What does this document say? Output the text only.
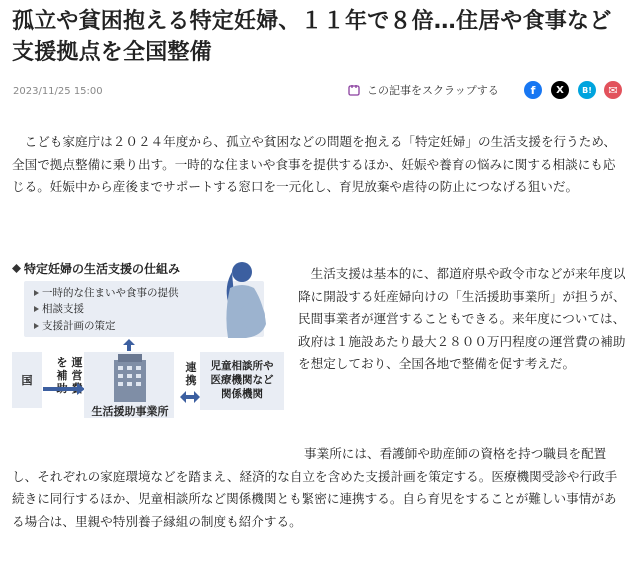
孤立や貧困抱える特定妊婦、１１年で８倍…住居や食事など支援拠点を全国整備
2023/11/25 15:00	この記事をスクラップする	f	X	B!	✉

こども家庭庁は２０２４年度から、孤立や貧困などの問題を抱える「特定妊婦」の生活支援を行うため、全国で拠点整備に乗り出す。一時的な住まいや食事を提供するほか、妊娠や養育の悩みに関する相談にも応じる。妊娠中から産後までサポートする窓口を一元化し、育児放棄や虐待の防止につなげる狙いだ。

特定妊婦の生活支援の仕組み
一時的な住まいや食事の提供
相談支援
支援計画の策定
国
を補
運営
生活援助事業所
連携
児童相談所や
医療機関など
関係機関

生活支援は基本的に、都道府県や政令市などが来年度以降に開設する妊産婦向けの「生活援助事業所」が担うが、民間事業者が運営することもできる。来年度については、政府は１施設あたり最大２８００万円程度の運営費の補助を想定しており、全国各地で整備を促す考えだ。

事業所には、看護師や助産師の資格を持つ職員を配置し、それぞれの家庭環境などを踏まえ、経済的な自立を含めた支援計画を策定する。医療機関受診や行政手続きに同行するほか、児童相談所など関係機関とも緊密に連携する。自ら育児をすることが難しい事情がある場合は、里親や特別養子縁組の制度も紹介する。
